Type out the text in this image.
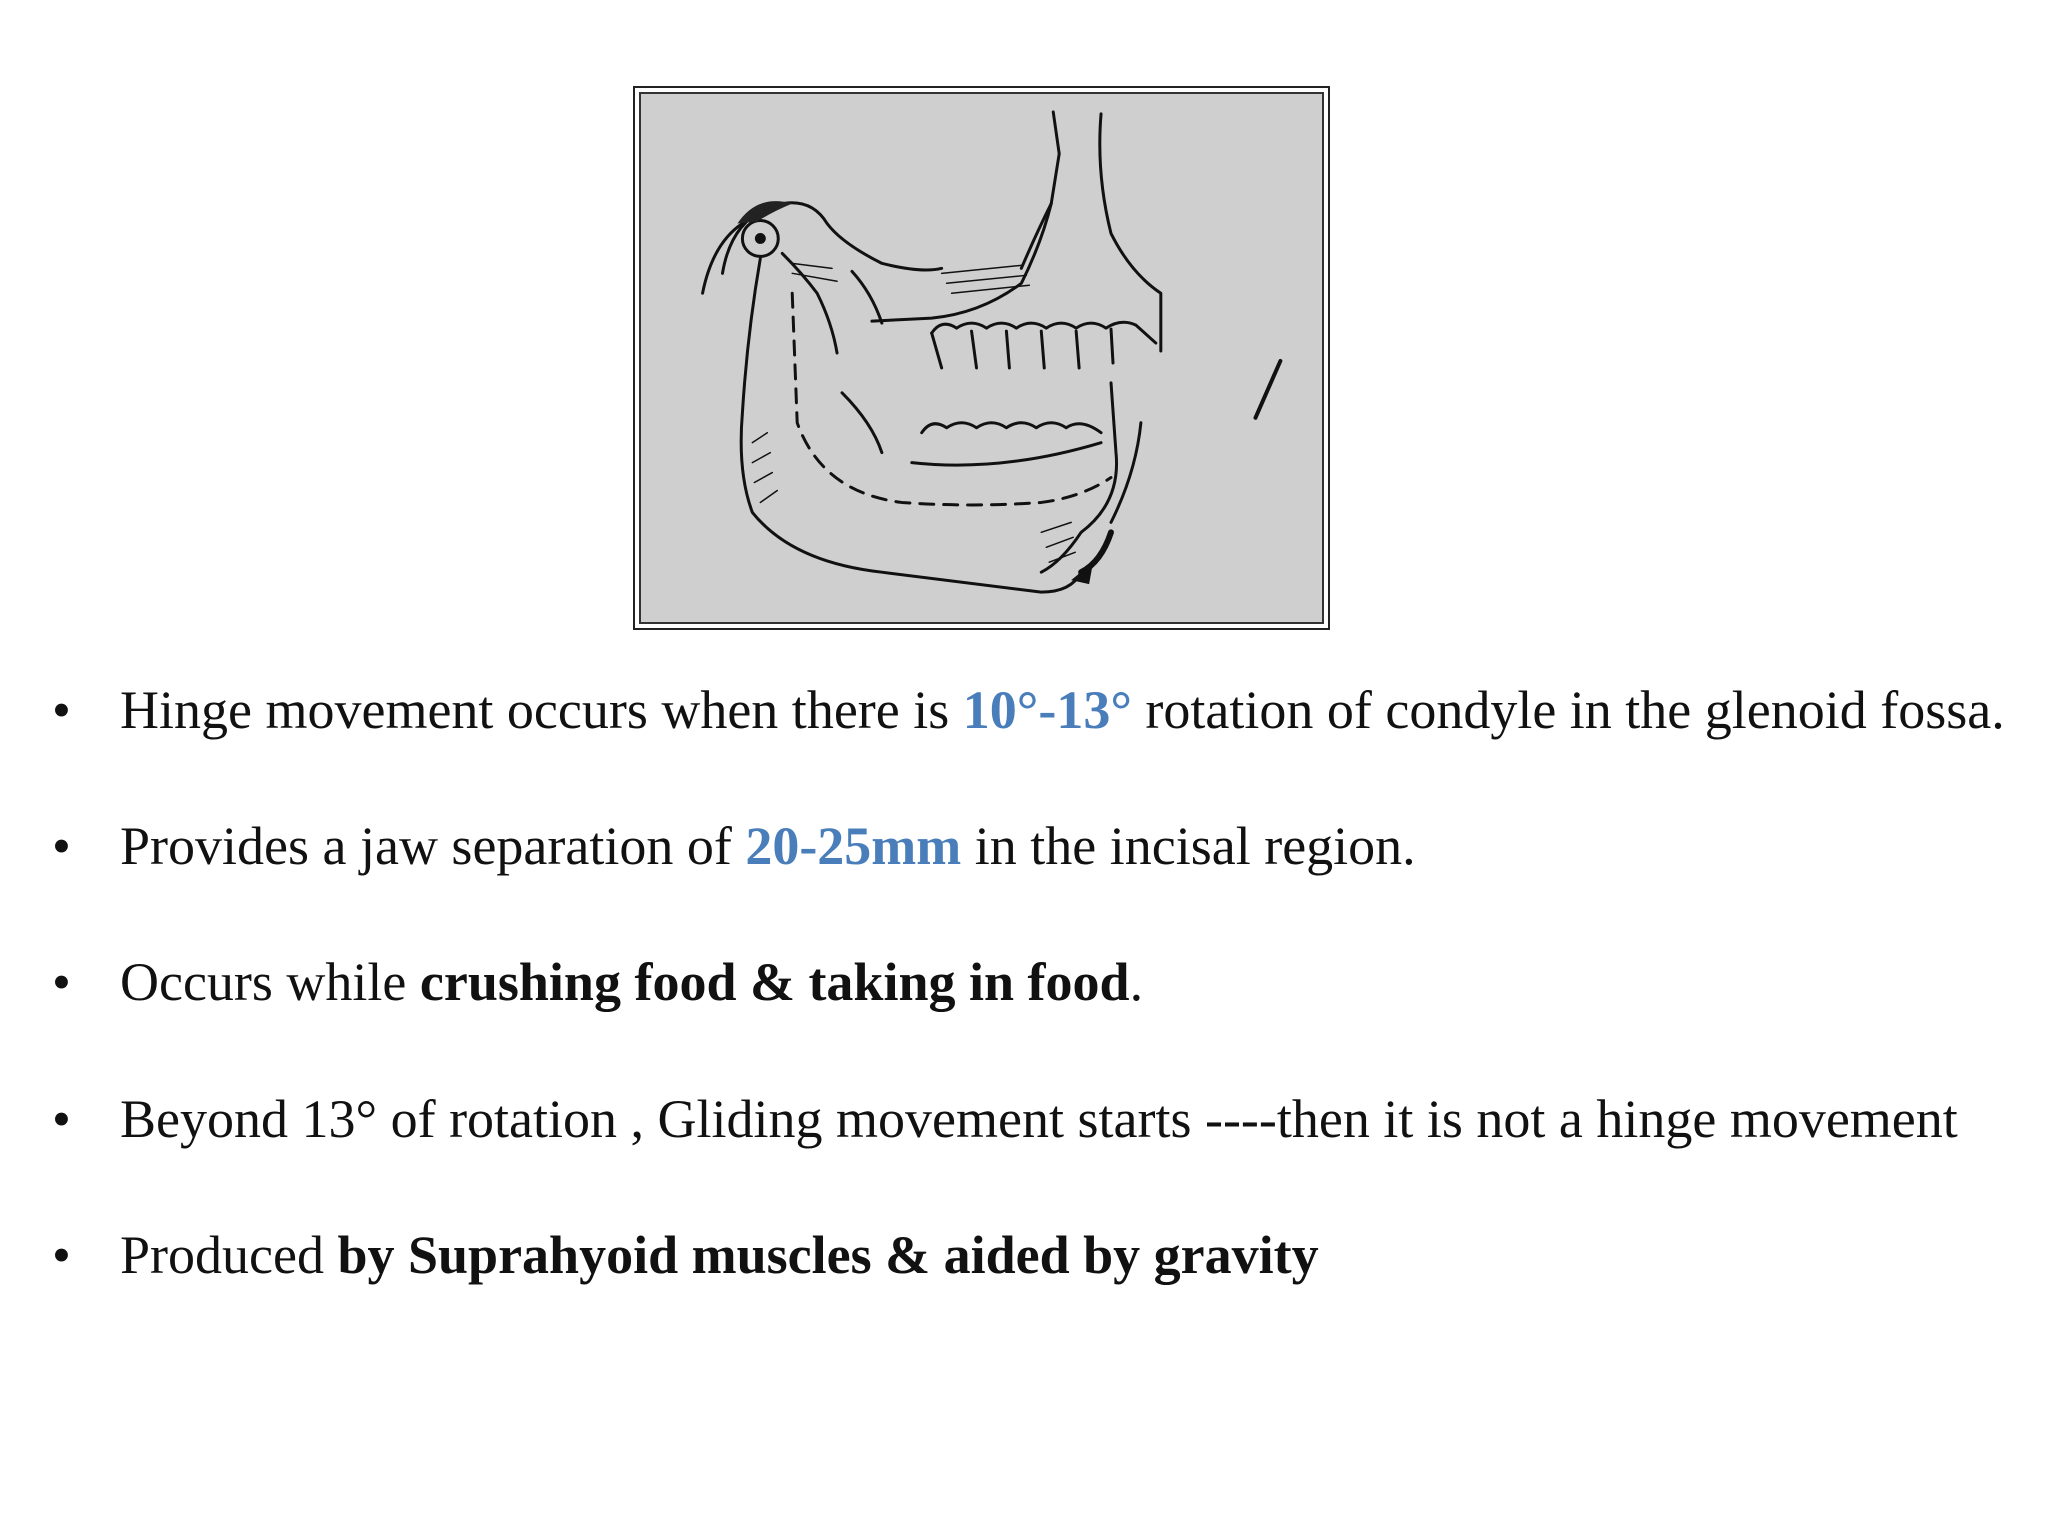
• Hinge movement occurs when there is 10°-13° rotation of condyle in the glenoid fossa.
• Provides a jaw separation of 20-25mm in the incisal region.
• Occurs while crushing food & taking in food.
• Beyond 13° of rotation , Gliding movement starts ----then it is not a hinge movement
• Produced by Suprahyoid muscles & aided by gravity
